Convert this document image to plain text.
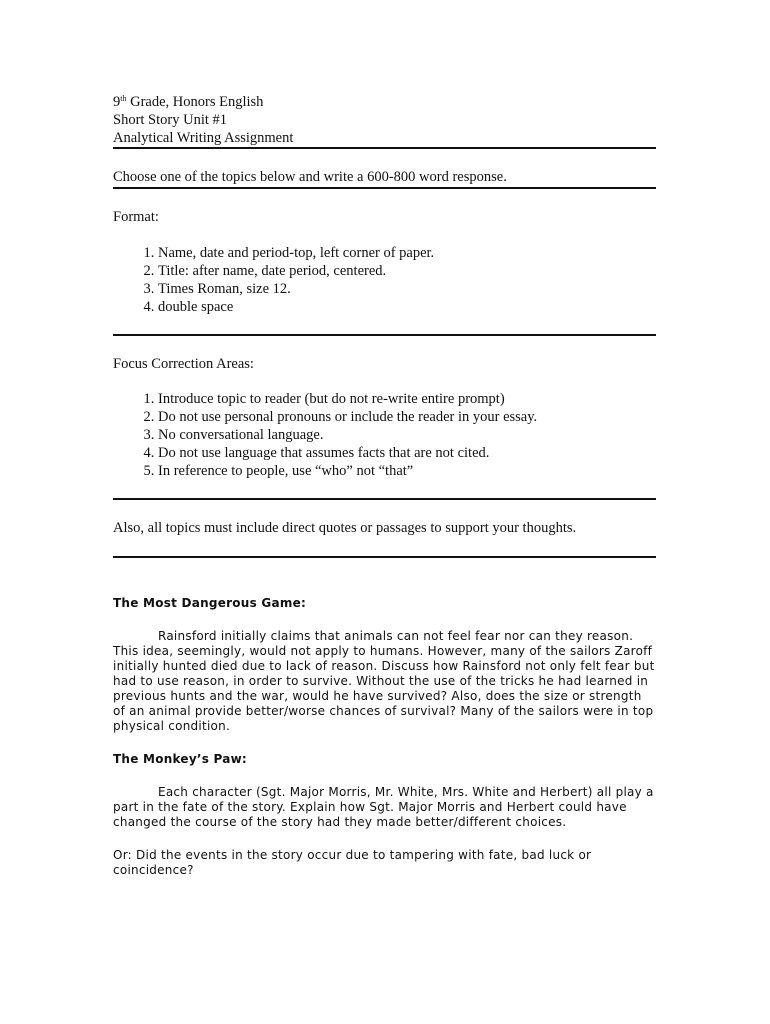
9th Grade, Honors English
Short Story Unit #1
Analytical Writing Assignment

Choose one of the topics below and write a 600-800 word response.

Format:

1. Name, date and period-top, left corner of paper.
2. Title: after name, date period, centered.
3. Times Roman, size 12.
4. double space

Focus Correction Areas:

1. Introduce topic to reader (but do not re-write entire prompt)
2. Do not use personal pronouns or include the reader in your essay.
3. No conversational language.
4. Do not use language that assumes facts that are not cited.
5. In reference to people, use “who” not “that”

Also, all topics must include direct quotes or passages to support your thoughts.

The Most Dangerous Game:

Rainsford initially claims that animals can not feel fear nor can they reason. This idea, seemingly, would not apply to humans. However, many of the sailors Zaroff initially hunted died due to lack of reason. Discuss how Rainsford not only felt fear but had to use reason, in order to survive. Without the use of the tricks he had learned in previous hunts and the war, would he have survived? Also, does the size or strength of an animal provide better/worse chances of survival? Many of the sailors were in top physical condition.

The Monkey’s Paw:

Each character (Sgt. Major Morris, Mr. White, Mrs. White and Herbert) all play a part in the fate of the story. Explain how Sgt. Major Morris and Herbert could have changed the course of the story had they made better/different choices.

Or: Did the events in the story occur due to tampering with fate, bad luck or coincidence?
